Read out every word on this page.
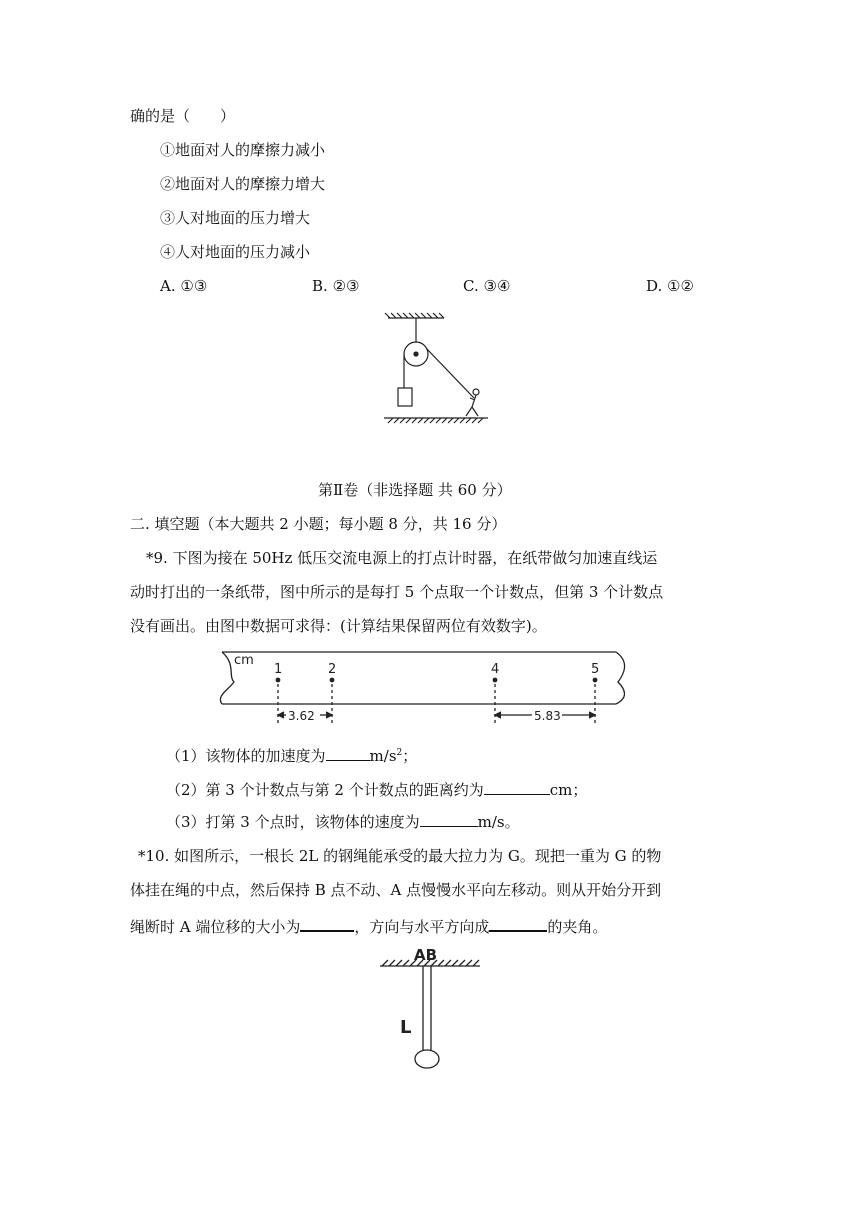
确的是（　　）
①地面对人的摩擦力减小
②地面对人的摩擦力增大
③人对地面的压力增大
④人对地面的压力减小
A. ①③	B. ②③	C. ③④	D. ①②
第Ⅱ卷（非选择题 共 60 分）
二. 填空题（本大题共 2 小题；每小题 8 分，共 16 分）
*9. 下图为接在 50Hz 低压交流电源上的打点计时器，在纸带做匀加速直线运
动时打出的一条纸带，图中所示的是每打 5 个点取一个计数点，但第 3 个计数点
没有画出。由图中数据可求得：(计算结果保留两位有效数字)。
cm
1	2	4	5
3.62	5.83
（1）该物体的加速度为	$m/s^2$；
（2）第 3 个计数点与第 2 个计数点的距离约为	cm；
（3）打第 3 个点时，该物体的速度为	m/s。
*10. 如图所示，一根长 2L 的钢绳能承受的最大拉力为 G。现把一重为 G 的物
体挂在绳的中点，然后保持 B 点不动、A 点慢慢水平向左移动。则从开始分开到
绳断时 A 端位移的大小为	，方向与水平方向成	的夹角。
AB
L
